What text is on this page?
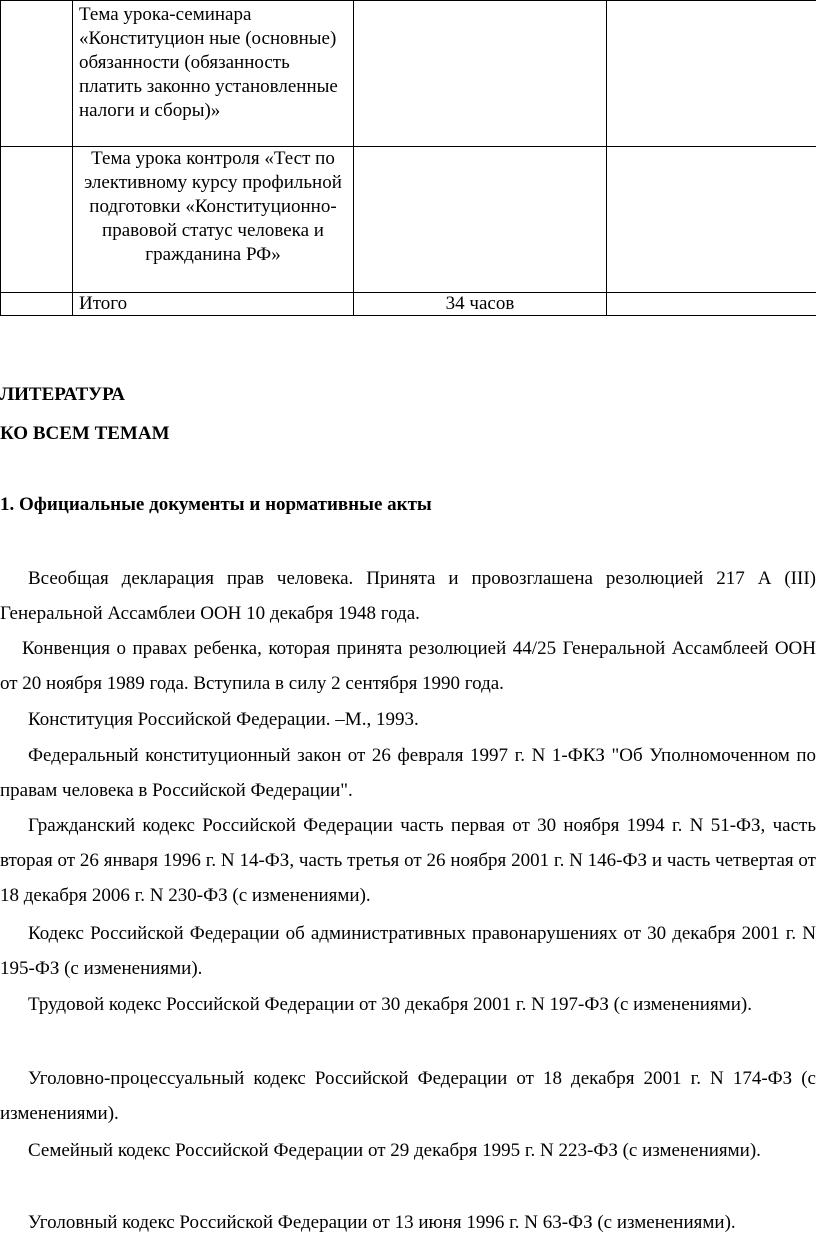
	Тема урока-семинара «Конституцион ные (основные) обязанности (обязанность платить законно установленные налоги и сборы)»		
	Тема урока контроля «Тест по элективному курсу профильной подготовки «Конституционно-правовой статус человека и гражданина РФ»		
	Итого	34 часов	
ЛИТЕРАТУРА
КО ВСЕМ ТЕМАМ
1. Официальные документы и нормативные акты

Всеобщая декларация прав человека. Принята и провозглашена резолюцией 217 А (III) Генеральной Ассамблеи ООН 10 декабря 1948 года.

Конвенция о правах ребенка, которая принята резолюцией 44/25 Генеральной Ассамблеей ООН от 20 ноября 1989 года. Вступила в силу 2 сентября 1990 года.

Конституция Российской Федерации. –М., 1993.

Федеральный конституционный закон от 26 февраля 1997 г. N 1-ФКЗ "Об Уполномоченном по правам человека в Российской Федерации".

Гражданский кодекс Российской Федерации часть первая от 30 ноября 1994 г. N 51-ФЗ, часть вторая от 26 января 1996 г. N 14-ФЗ, часть третья от 26 ноября 2001 г. N 146-ФЗ и часть четвертая от 18 декабря 2006 г. N 230-ФЗ (с изменениями).

Кодекс Российской Федерации об административных правонарушениях от 30 декабря 2001 г. N 195-ФЗ (с изменениями).

Трудовой кодекс Российской Федерации от 30 декабря 2001 г. N 197-ФЗ (с изменениями).

Уголовно-процессуальный кодекс Российской Федерации от 18 декабря 2001 г. N 174-ФЗ (с изменениями).

Семейный кодекс Российской Федерации от 29 декабря 1995 г. N 223-ФЗ (с изменениями).

Уголовный кодекс Российской Федерации от 13 июня 1996 г. N 63-ФЗ (с изменениями).
